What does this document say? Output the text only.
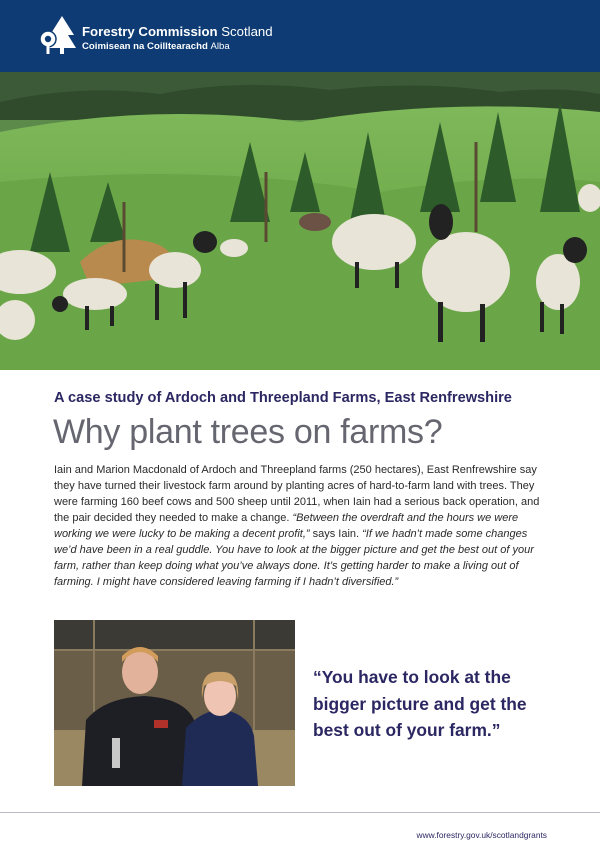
Forestry Commission Scotland
Coimisean na Coilltearachd Alba
A case study of Ardoch and Threepland Farms, East Renfrewshire
Why plant trees on farms?

Iain and Marion Macdonald of Ardoch and Threepland farms (250 hectares), East Renfrewshire say they have turned their livestock farm around by planting acres of hard-to-farm land with trees. They were farming 160 beef cows and 500 sheep until 2011, when Iain had a serious back operation, and the pair decided they needed to make a change. “Between the overdraft and the hours we were working we were lucky to be making a decent profit,” says Iain. “If we hadn’t made some changes we’d have been in a real guddle. You have to look at the bigger picture and get the best out of your farm, rather than keep doing what you’ve always done. It’s getting harder to make a living out of farming. I might have considered leaving farming if I hadn’t diversified.”

“You have to look at the bigger picture and get the best out of your farm.”
www.forestry.gov.uk/scotlandgrants
